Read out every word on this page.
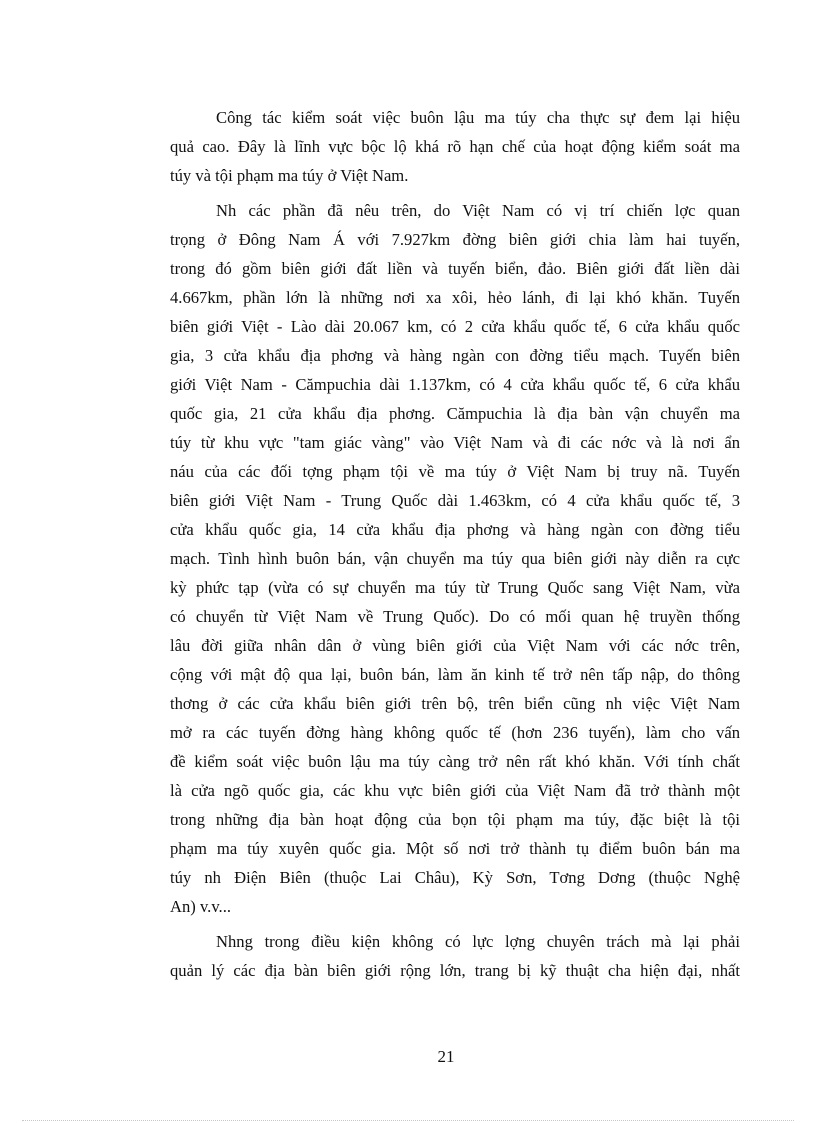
Công tác kiểm soát việc buôn lậu ma túy cha thực sự đem lại hiệu
quả cao. Đây là lĩnh vực bộc lộ khá rõ hạn chế của hoạt động kiểm soát ma
túy và tội phạm ma túy ở Việt Nam.

Nh các phần đã nêu trên, do Việt Nam có vị trí chiến lợc quan
trọng ở Đông Nam Á với 7.927km đờng biên giới chia làm hai tuyến,
trong đó gồm biên giới đất liền và tuyến biển, đảo. Biên giới đất liền dài
4.667km, phần lớn là những nơi xa xôi, hẻo lánh, đi lại khó khăn. Tuyến
biên giới Việt - Lào dài 20.067 km, có 2 cửa khẩu quốc tế, 6 cửa khẩu quốc
gia, 3 cửa khẩu địa phơng và hàng ngàn con đờng tiểu mạch. Tuyến biên
giới Việt Nam - Cămpuchia dài 1.137km, có 4 cửa khẩu quốc tế, 6 cửa khẩu
quốc gia, 21 cửa khẩu địa phơng. Cămpuchia là địa bàn vận chuyển ma
túy từ khu vực "tam giác vàng" vào Việt Nam và đi các nớc và là nơi ẩn
náu của các đối tợng phạm tội về ma túy ở Việt Nam bị truy nã. Tuyến
biên giới Việt Nam - Trung Quốc dài 1.463km, có 4 cửa khẩu quốc tế, 3
cửa khẩu quốc gia, 14 cửa khẩu địa phơng và hàng ngàn con đờng tiểu
mạch. Tình hình buôn bán, vận chuyển ma túy qua biên giới này diễn ra cực
kỳ phức tạp (vừa có sự chuyển ma túy từ Trung Quốc sang Việt Nam, vừa
có chuyển từ Việt Nam về Trung Quốc). Do có mối quan hệ truyền thống
lâu đời giữa nhân dân ở vùng biên giới của Việt Nam với các nớc trên,
cộng với mật độ qua lại, buôn bán, làm ăn kinh tế trở nên tấp nập, do thông
thơng ở các cửa khẩu biên giới trên bộ, trên biển cũng nh việc Việt Nam
mở ra các tuyến đờng hàng không quốc tế (hơn 236 tuyến), làm cho vấn
đề kiểm soát việc buôn lậu ma túy càng trở nên rất khó khăn. Với tính chất
là cửa ngõ quốc gia, các khu vực biên giới của Việt Nam đã trở thành một
trong những địa bàn hoạt động của bọn tội phạm ma túy, đặc biệt là tội
phạm ma túy xuyên quốc gia. Một số nơi trở thành tụ điểm buôn bán ma
túy nh Điện Biên (thuộc Lai Châu), Kỳ Sơn, Tơng Dơng (thuộc Nghệ
An) v.v...

Nhng trong điều kiện không có lực lợng chuyên trách mà lại phải
quản lý các địa bàn biên giới rộng lớn, trang bị kỹ thuật cha hiện đại, nhất

21
